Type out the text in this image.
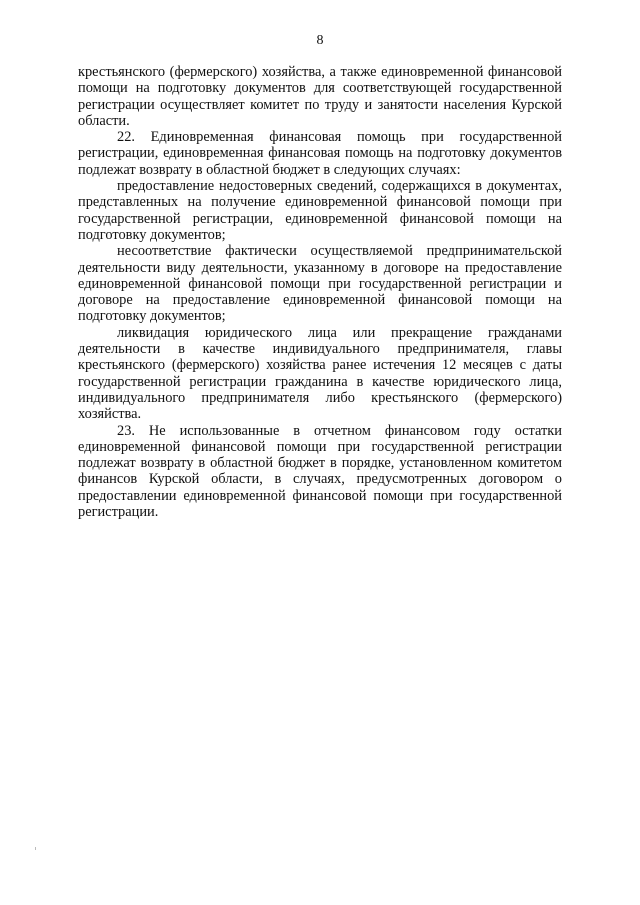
8

крестьянского (фермерского) хозяйства, а также единовременной финансовой помощи на подготовку документов для соответствующей государственной регистрации осуществляет комитет по труду и занятости населения Курской области.

22. Единовременная финансовая помощь при государственной регистрации, единовременная финансовая помощь на подготовку документов подлежат возврату в областной бюджет в следующих случаях:

предоставление недостоверных сведений, содержащихся в документах, представленных на получение единовременной финансовой помощи при государственной регистрации, единовременной финансовой помощи на подготовку документов;

несоответствие фактически осуществляемой предпринимательской деятельности виду деятельности, указанному в договоре на предоставление единовременной финансовой помощи при государственной регистрации и договоре на предоставление единовременной финансовой помощи на подготовку документов;

ликвидация юридического лица или прекращение гражданами деятельности в качестве индивидуального предпринимателя, главы крестьянского (фермерского) хозяйства ранее истечения 12 месяцев с даты государственной регистрации гражданина в качестве юридического лица, индивидуального предпринимателя либо крестьянского (фермерского) хозяйства.

23. Не использованные в отчетном финансовом году остатки единовременной финансовой помощи при государственной регистрации подлежат возврату в областной бюджет в порядке, установленном комитетом финансов Курской области, в случаях, предусмотренных договором о предоставлении единовременной финансовой помощи при государственной регистрации.
